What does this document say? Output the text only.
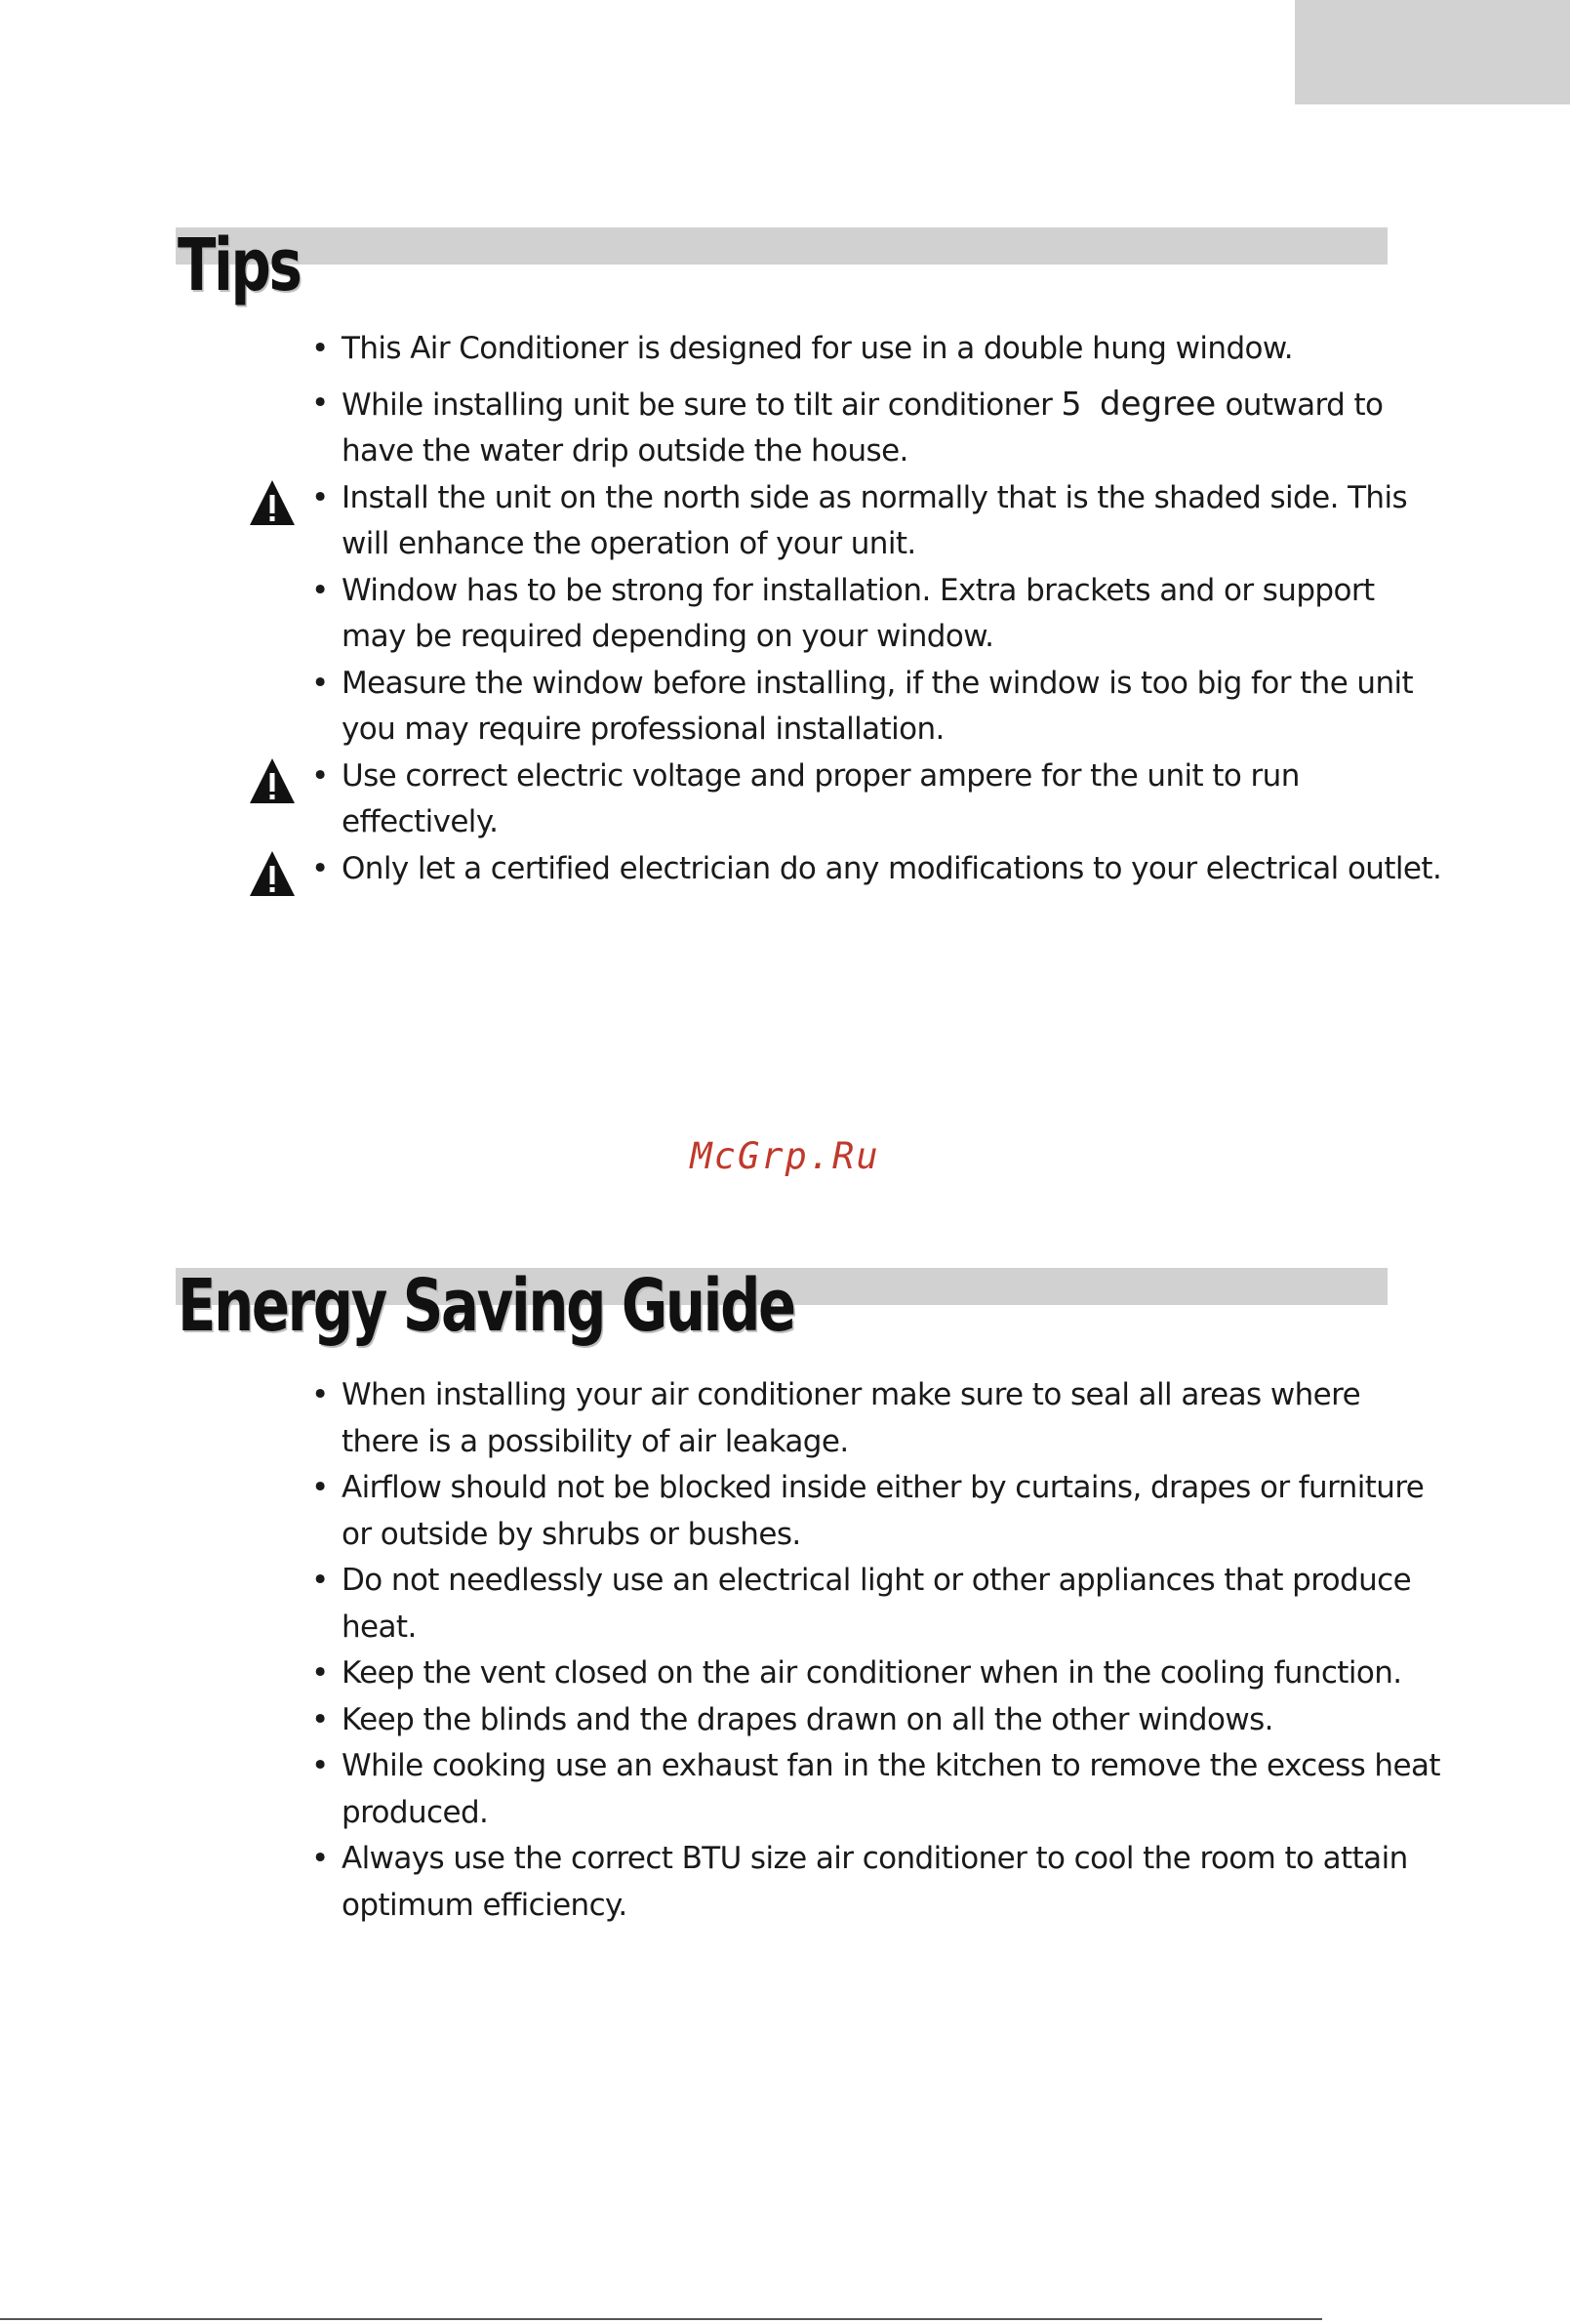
Tips
• This Air Conditioner is designed for use in a double hung window.
• While installing unit be sure to tilt air conditioner 5 degree outward to have the water drip outside the house.
• Install the unit on the north side as normally that is the shaded side. This will enhance the operation of your unit.
• Window has to be strong for installation. Extra brackets and or support may be required depending on your window.
• Measure the window before installing, if the window is too big for the unit you may require professional installation.
• Use correct electric voltage and proper ampere for the unit to run effectively.
• Only let a certified electrician do any modifications to your electrical outlet.
McGrp.Ru
Energy Saving Guide
• When installing your air conditioner make sure to seal all areas where there is a possibility of air leakage.
• Airflow should not be blocked inside either by curtains, drapes or furniture or outside by shrubs or bushes.
• Do not needlessly use an electrical light or other appliances that produce heat.
• Keep the vent closed on the air conditioner when in the cooling function.
• Keep the blinds and the drapes drawn on all the other windows.
• While cooking use an exhaust fan in the kitchen to remove the excess heat produced.
• Always use the correct BTU size air conditioner to cool the room to attain optimum efficiency.
